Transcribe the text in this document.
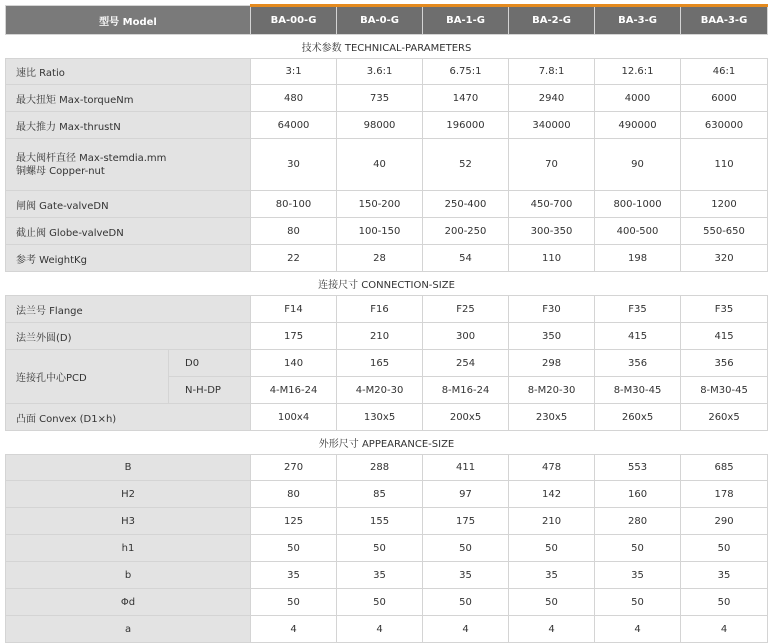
型号 Model		BA-00-G	BA-0-G	BA-1-G	BA-2-G	BA-3-G	BAA-3-G
技术参数 TECHNICAL-PARAMETERS							
速比 Ratio		3:1	3.6:1	6.75:1	7.8:1	12.6:1	46:1
最大扭矩 Max-torqueNm		480	735	1470	2940	4000	6000
最大推力 Max-thrustN		64000	98000	196000	340000	490000	630000

最大阀杆直径 Max-stemdia.mm
铜螺母 Copper-nut		30	40	52	70	90	110
闸阀 Gate-valveDN		80-100	150-200	250-400	450-700	800-1000	1200
截止阀 Globe-valveDN		80	100-150	200-250	300-350	400-500	550-650
参考 WeightKg		22	28	54	110	198	320
连接尺寸 CONNECTION-SIZE							
法兰号 Flange		F14	F16	F25	F30	F35	F35
法兰外圆(D)		175	210	300	350	415	415
连接孔中心PCD	D0	140	165	254	298	356	356
	N-H-DP	4-M16-24	4-M20-30	8-M16-24	8-M20-30	8-M30-45	8-M30-45
凸面 Convex (D1×h)		100x4	130x5	200x5	230x5	260x5	260x5
外形尺寸 APPEARANCE-SIZE							
B		270	288	411	478	553	685
H2		80	85	97	142	160	178
H3		125	155	175	210	280	290
h1		50	50	50	50	50	50
b		35	35	35	35	35	35
Φd		50	50	50	50	50	50
a		4	4	4	4	4	4
